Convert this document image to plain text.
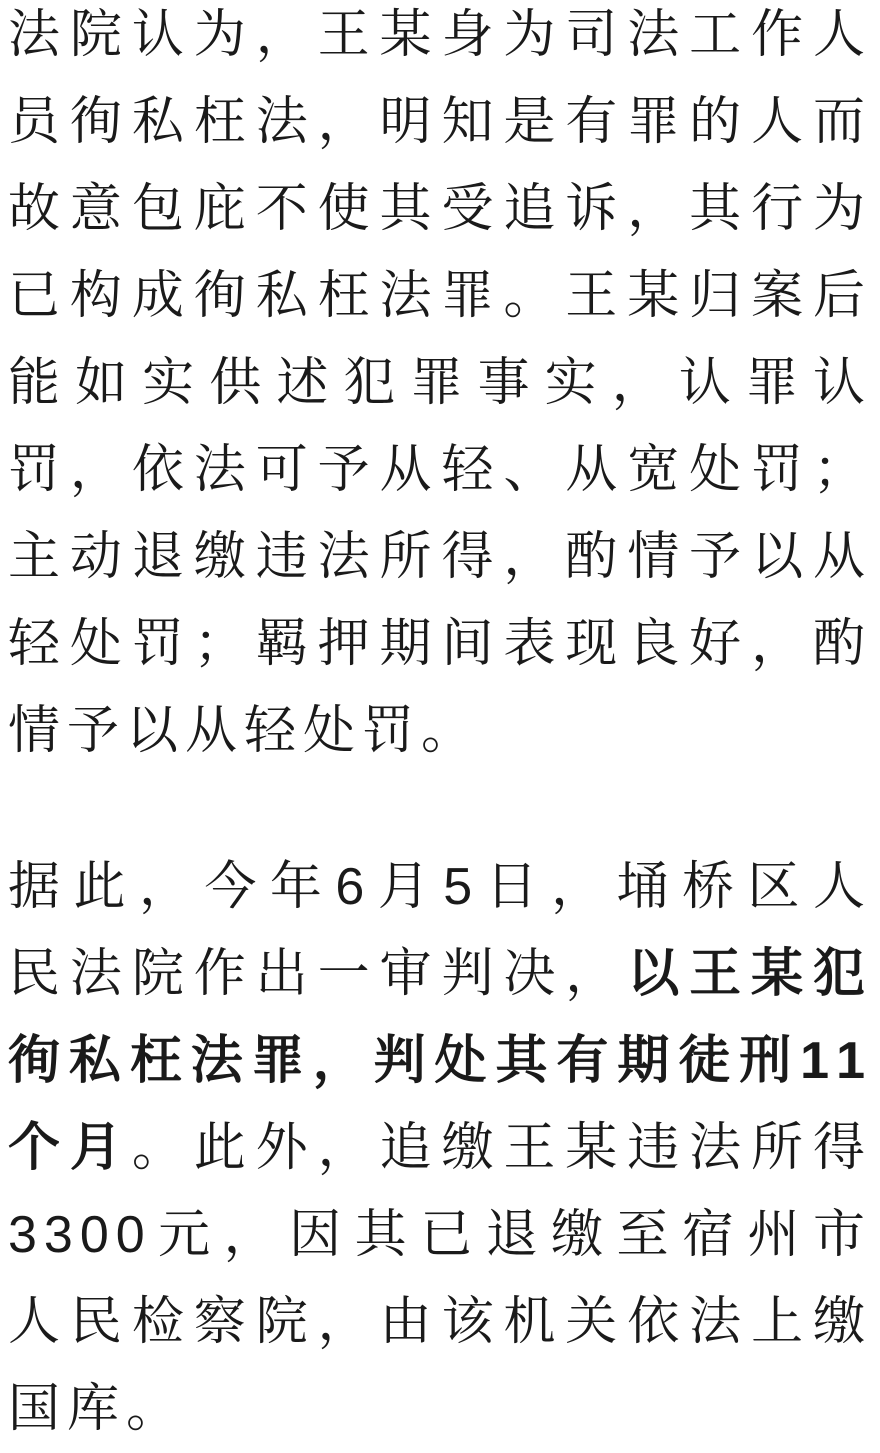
法院认为，王某身为司法工作人
员徇私枉法，明知是有罪的人而
故意包庇不使其受追诉，其行为
已构成徇私枉法罪。王某归案后
能如实供述犯罪事实，认罪认
罚，依法可予从轻、从宽处罚；
主动退缴违法所得，酌情予以从
轻处罚；羁押期间表现良好，酌
情予以从轻处罚。
据此，今年6月5日，埇桥区人
民法院作出一审判决，以王某犯
徇私枉法罪，判处其有期徒刑11
个月。此外，追缴王某违法所得
3300元，因其已退缴至宿州市
人民检察院，由该机关依法上缴
国库。
